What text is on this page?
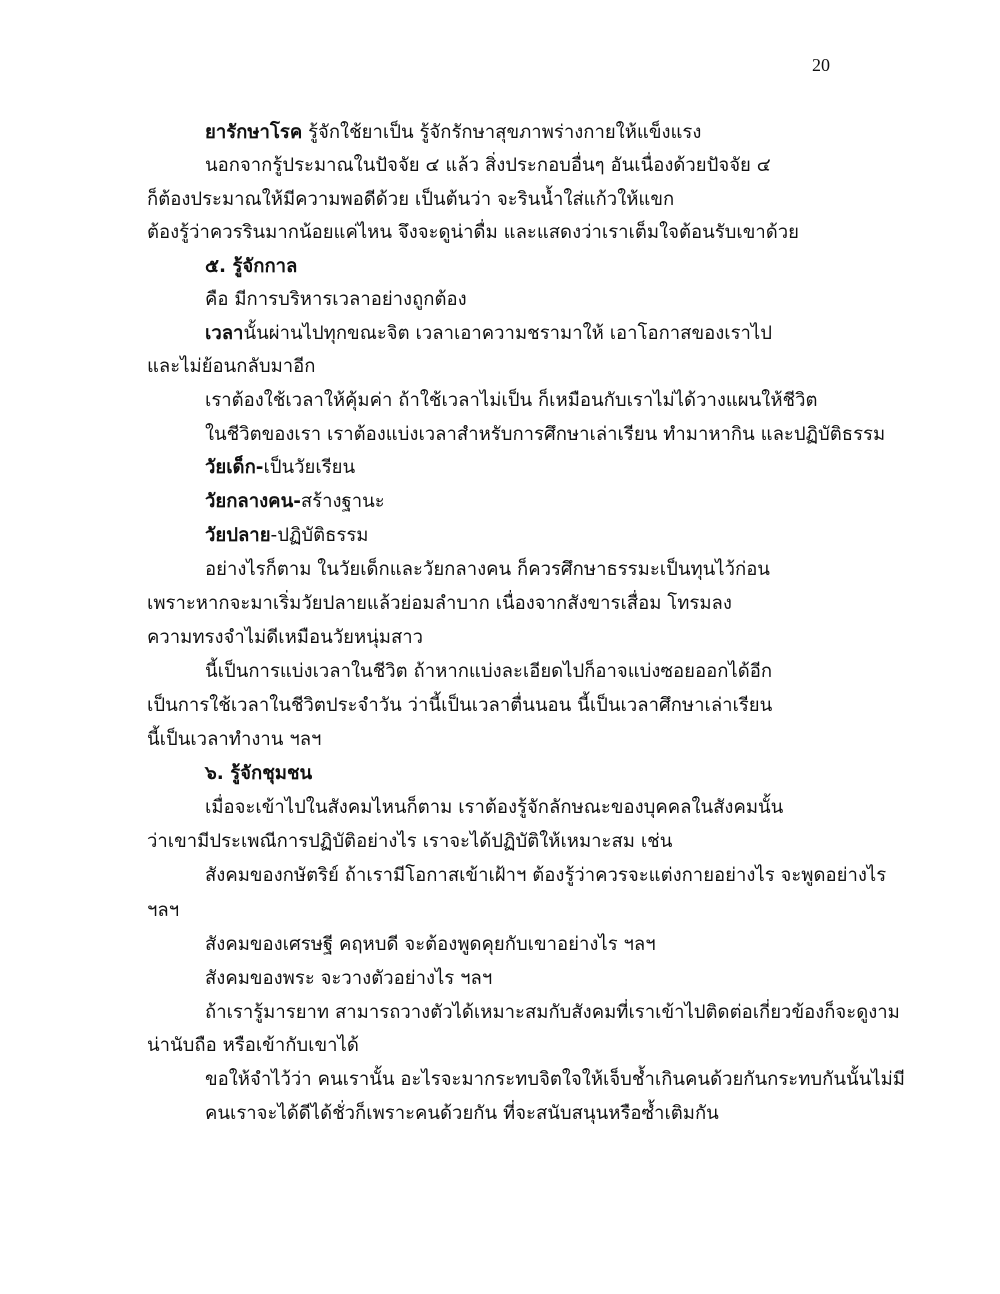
20
ยารักษาโรค รู้จักใช้ยาเป็น รู้จักรักษาสุขภาพร่างกายให้แข็งแรง
นอกจากรู้ประมาณในปัจจัย ๔ แล้ว สิ่งประกอบอื่นๆ อันเนื่องด้วยปัจจัย ๔
ก็ต้องประมาณให้มีความพอดีด้วย เป็นต้นว่า จะรินน้ำใส่แก้วให้แขก
ต้องรู้ว่าควรรินมากน้อยแค่ไหน จึงจะดูน่าดื่ม และแสดงว่าเราเต็มใจต้อนรับเขาด้วย
๕. รู้จักกาล
คือ มีการบริหารเวลาอย่างถูกต้อง
เวลานั้นผ่านไปทุกขณะจิต เวลาเอาความชรามาให้ เอาโอกาสของเราไป
และไม่ย้อนกลับมาอีก
เราต้องใช้เวลาให้คุ้มค่า ถ้าใช้เวลาไม่เป็น ก็เหมือนกับเราไม่ได้วางแผนให้ชีวิต
ในชีวิตของเรา เราต้องแบ่งเวลาสำหรับการศึกษาเล่าเรียน ทำมาหากิน และปฏิบัติธรรม
วัยเด็ก-เป็นวัยเรียน
วัยกลางคน-สร้างฐานะ
วัยปลาย-ปฏิบัติธรรม
อย่างไรก็ตาม ในวัยเด็กและวัยกลางคน ก็ควรศึกษาธรรมะเป็นทุนไว้ก่อน
เพราะหากจะมาเริ่มวัยปลายแล้วย่อมลำบาก เนื่องจากสังขารเสื่อม โทรมลง
ความทรงจำไม่ดีเหมือนวัยหนุ่มสาว
นี้เป็นการแบ่งเวลาในชีวิต ถ้าหากแบ่งละเอียดไปก็อาจแบ่งซอยออกได้อีก
เป็นการใช้เวลาในชีวิตประจำวัน ว่านี้เป็นเวลาตื่นนอน นี้เป็นเวลาศึกษาเล่าเรียน
นี้เป็นเวลาทำงาน ฯลฯ
๖. รู้จักชุมชน
เมื่อจะเข้าไปในสังคมไหนก็ตาม เราต้องรู้จักลักษณะของบุคคลในสังคมนั้น
ว่าเขามีประเพณีการปฏิบัติอย่างไร เราจะได้ปฏิบัติให้เหมาะสม เช่น
สังคมของกษัตริย์ ถ้าเรามีโอกาสเข้าเฝ้าฯ ต้องรู้ว่าควรจะแต่งกายอย่างไร จะพูดอย่างไร
ฯลฯ
สังคมของเศรษฐี คฤหบดี จะต้องพูดคุยกับเขาอย่างไร ฯลฯ
สังคมของพระ จะวางตัวอย่างไร ฯลฯ
ถ้าเรารู้มารยาท สามารถวางตัวได้เหมาะสมกับสังคมที่เราเข้าไปติดต่อเกี่ยวข้องก็จะดูงาม
น่านับถือ หรือเข้ากับเขาได้
ขอให้จำไว้ว่า คนเรานั้น อะไรจะมากระทบจิตใจให้เจ็บช้ำเกินคนด้วยกันกระทบกันนั้นไม่มี
คนเราจะได้ดีได้ชั่วก็เพราะคนด้วยกัน ที่จะสนับสนุนหรือซ้ำเติมกัน
